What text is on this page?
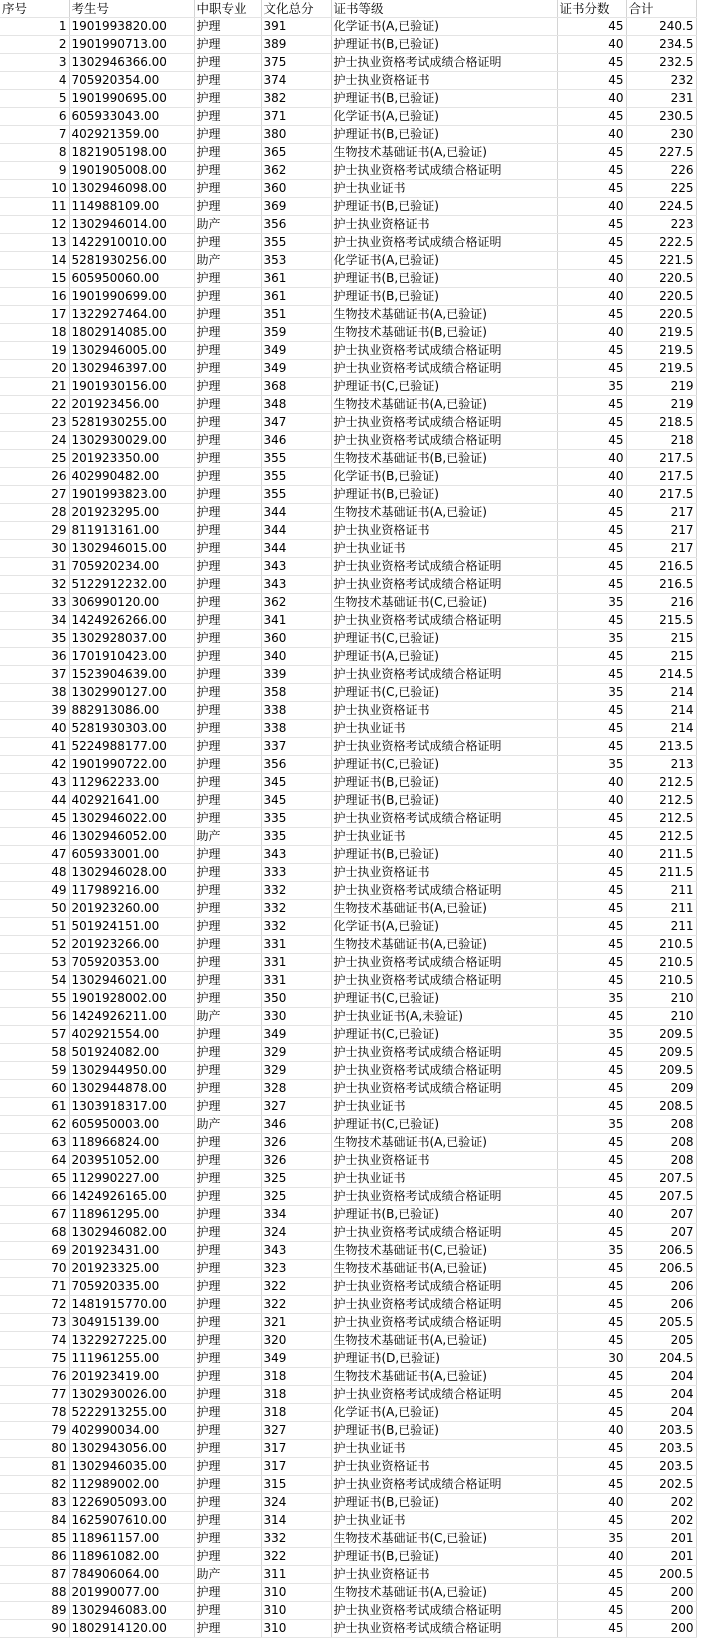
序号	考生号	中职专业	文化总分	证书等级	证书分数	合计
1	1901993820.00	护理	391	化学证书(A,已验证)	45	240.5
2	1901990713.00	护理	389	护理证书(B,已验证)	40	234.5
3	1302946366.00	护理	375	护士执业资格考试成绩合格证明	45	232.5
4	705920354.00	护理	374	护士执业资格证书	45	232
5	1901990695.00	护理	382	护理证书(B,已验证)	40	231
6	605933043.00	护理	371	化学证书(A,已验证)	45	230.5
7	402921359.00	护理	380	护理证书(B,已验证)	40	230
8	1821905198.00	护理	365	生物技术基础证书(A,已验证)	45	227.5
9	1901905008.00	护理	362	护士执业资格考试成绩合格证明	45	226
10	1302946098.00	护理	360	护士执业证书	45	225
11	114988109.00	护理	369	护理证书(B,已验证)	40	224.5
12	1302946014.00	助产	356	护士执业资格证书	45	223
13	1422910010.00	护理	355	护士执业资格考试成绩合格证明	45	222.5
14	5281930256.00	助产	353	化学证书(A,已验证)	45	221.5
15	605950060.00	护理	361	护理证书(B,已验证)	40	220.5
16	1901990699.00	护理	361	护理证书(B,已验证)	40	220.5
17	1322927464.00	护理	351	生物技术基础证书(A,已验证)	45	220.5
18	1802914085.00	护理	359	生物技术基础证书(B,已验证)	40	219.5
19	1302946005.00	护理	349	护士执业资格考试成绩合格证明	45	219.5
20	1302946397.00	护理	349	护士执业资格考试成绩合格证明	45	219.5
21	1901930156.00	护理	368	护理证书(C,已验证)	35	219
22	201923456.00	护理	348	生物技术基础证书(A,已验证)	45	219
23	5281930255.00	护理	347	护士执业资格考试成绩合格证明	45	218.5
24	1302930029.00	护理	346	护士执业资格考试成绩合格证明	45	218
25	201923350.00	护理	355	生物技术基础证书(B,已验证)	40	217.5
26	402990482.00	护理	355	化学证书(B,已验证)	40	217.5
27	1901993823.00	护理	355	护理证书(B,已验证)	40	217.5
28	201923295.00	护理	344	生物技术基础证书(A,已验证)	45	217
29	811913161.00	护理	344	护士执业资格证书	45	217
30	1302946015.00	护理	344	护士执业证书	45	217
31	705920234.00	护理	343	护士执业资格考试成绩合格证明	45	216.5
32	5122912232.00	护理	343	护士执业资格考试成绩合格证明	45	216.5
33	306990120.00	护理	362	生物技术基础证书(C,已验证)	35	216
34	1424926266.00	护理	341	护士执业资格考试成绩合格证明	45	215.5
35	1302928037.00	护理	360	护理证书(C,已验证)	35	215
36	1701910423.00	护理	340	护理证书(A,已验证)	45	215
37	1523904639.00	护理	339	护士执业资格考试成绩合格证明	45	214.5
38	1302990127.00	护理	358	护理证书(C,已验证)	35	214
39	882913086.00	护理	338	护士执业资格证书	45	214
40	5281930303.00	护理	338	护士执业证书	45	214
41	5224988177.00	护理	337	护士执业资格考试成绩合格证明	45	213.5
42	1901990722.00	护理	356	护理证书(C,已验证)	35	213
43	112962233.00	护理	345	护理证书(B,已验证)	40	212.5
44	402921641.00	护理	345	护理证书(B,已验证)	40	212.5
45	1302946022.00	护理	335	护士执业资格考试成绩合格证明	45	212.5
46	1302946052.00	助产	335	护士执业证书	45	212.5
47	605933001.00	护理	343	护理证书(B,已验证)	40	211.5
48	1302946028.00	护理	333	护士执业资格证书	45	211.5
49	117989216.00	护理	332	护士执业资格考试成绩合格证明	45	211
50	201923260.00	护理	332	生物技术基础证书(A,已验证)	45	211
51	501924151.00	护理	332	化学证书(A,已验证)	45	211
52	201923266.00	护理	331	生物技术基础证书(A,已验证)	45	210.5
53	705920353.00	护理	331	护士执业资格考试成绩合格证明	45	210.5
54	1302946021.00	护理	331	护士执业资格考试成绩合格证明	45	210.5
55	1901928002.00	护理	350	护理证书(C,已验证)	35	210
56	1424926211.00	助产	330	护士执业证书(A,未验证)	45	210
57	402921554.00	护理	349	护理证书(C,已验证)	35	209.5
58	501924082.00	护理	329	护士执业资格考试成绩合格证明	45	209.5
59	1302944950.00	护理	329	护士执业资格考试成绩合格证明	45	209.5
60	1302944878.00	护理	328	护士执业资格考试成绩合格证明	45	209
61	1303918317.00	护理	327	护士执业证书	45	208.5
62	605950003.00	助产	346	护理证书(C,已验证)	35	208
63	118966824.00	护理	326	生物技术基础证书(A,已验证)	45	208
64	203951052.00	护理	326	护士执业资格证书	45	208
65	112990227.00	护理	325	护士执业证书	45	207.5
66	1424926165.00	护理	325	护士执业资格考试成绩合格证明	45	207.5
67	118961295.00	护理	334	护理证书(B,已验证)	40	207
68	1302946082.00	护理	324	护士执业资格考试成绩合格证明	45	207
69	201923431.00	护理	343	生物技术基础证书(C,已验证)	35	206.5
70	201923325.00	护理	323	生物技术基础证书(A,已验证)	45	206.5
71	705920335.00	护理	322	护士执业资格考试成绩合格证明	45	206
72	1481915770.00	护理	322	护士执业资格考试成绩合格证明	45	206
73	304915139.00	护理	321	护士执业资格考试成绩合格证明	45	205.5
74	1322927225.00	护理	320	生物技术基础证书(A,已验证)	45	205
75	111961255.00	护理	349	护理证书(D,已验证)	30	204.5
76	201923419.00	护理	318	生物技术基础证书(A,已验证)	45	204
77	1302930026.00	护理	318	护士执业资格考试成绩合格证明	45	204
78	5222913255.00	护理	318	化学证书(A,已验证)	45	204
79	402990034.00	护理	327	护理证书(B,已验证)	40	203.5
80	1302943056.00	护理	317	护士执业证书	45	203.5
81	1302946035.00	护理	317	护士执业资格证书	45	203.5
82	112989002.00	护理	315	护士执业资格考试成绩合格证明	45	202.5
83	1226905093.00	护理	324	护理证书(B,已验证)	40	202
84	1625907610.00	护理	314	护士执业证书	45	202
85	118961157.00	护理	332	生物技术基础证书(C,已验证)	35	201
86	118961082.00	护理	322	护理证书(B,已验证)	40	201
87	784906064.00	助产	311	护士执业资格证书	45	200.5
88	201990077.00	护理	310	生物技术基础证书(A,已验证)	45	200
89	1302946083.00	护理	310	护士执业资格考试成绩合格证明	45	200
90	1802914120.00	护理	310	护士执业资格考试成绩合格证明	45	200
